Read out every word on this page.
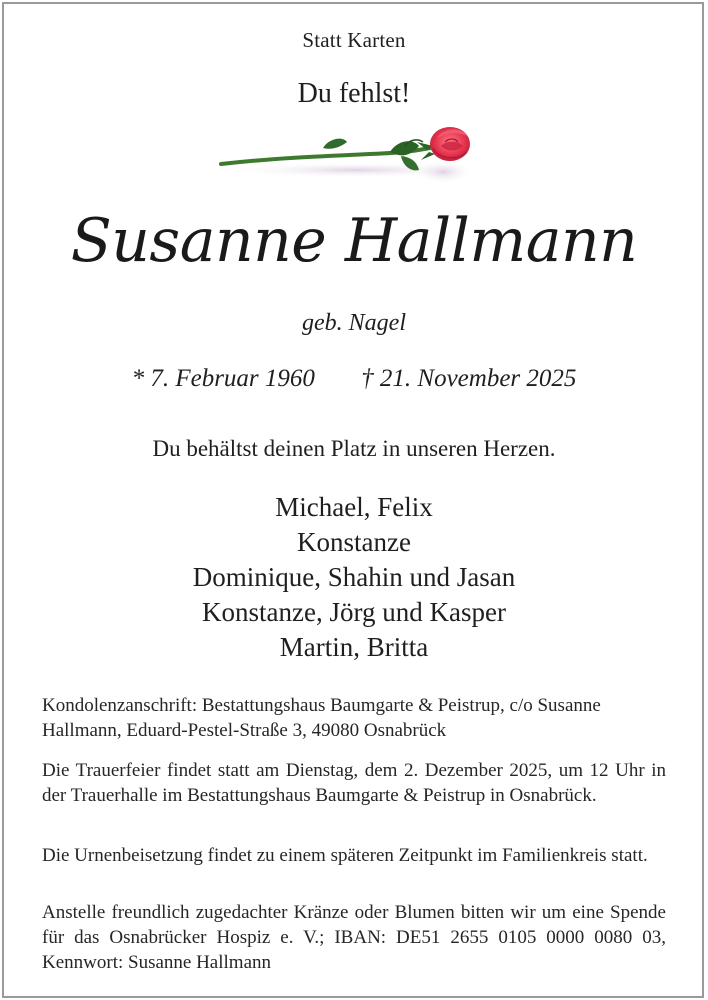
Statt Karten
Du fehlst!
Susanne Hallmann
geb. Nagel
* 7. Februar 1960 † 21. November 2025
Du behältst deinen Platz in unseren Herzen.
Michael, Felix
Konstanze
Dominique, Shahin und Jasan
Konstanze, Jörg und Kasper
Martin, Britta
Kondolenzanschrift: Bestattungshaus Baumgarte & Peistrup, c/o Susanne Hallmann, Eduard-Pestel-Straße 3, 49080 Osnabrück
Die Trauerfeier findet statt am Dienstag, dem 2. Dezember 2025, um 12 Uhr in der Trauerhalle im Bestattungshaus Baumgarte & Peistrup in Osnabrück.
Die Urnenbeisetzung findet zu einem späteren Zeitpunkt im Familienkreis statt.
Anstelle freundlich zugedachter Kränze oder Blumen bitten wir um eine Spende für das Osnabrücker Hospiz e. V.; IBAN: DE51 2655 0105 0000 0080 03, Kennwort: Susanne Hallmann
